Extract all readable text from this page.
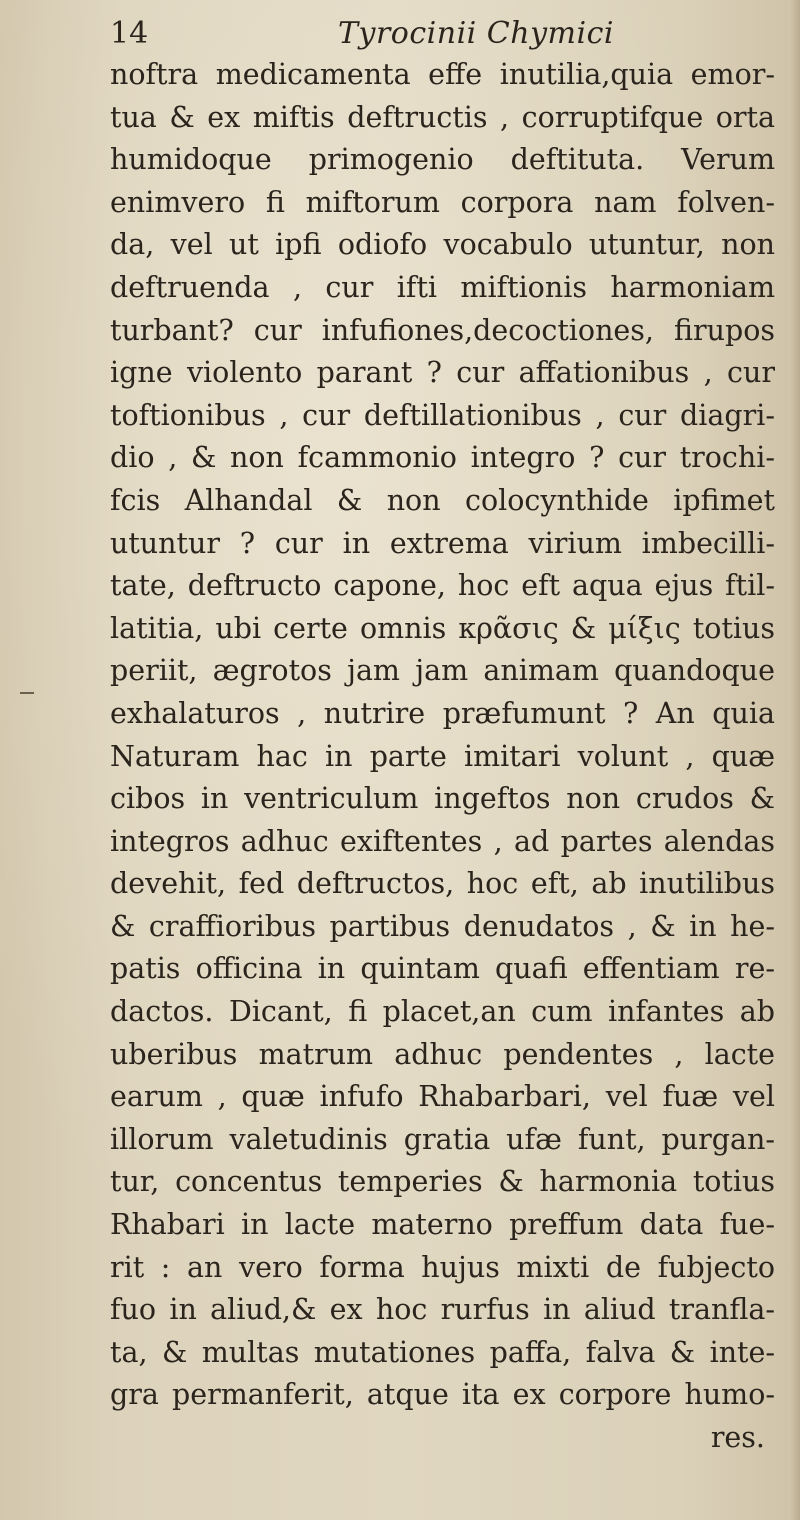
14	Tyrocinii Chymici
noftra medicamenta effe inutilia,quia emor-
tua & ex miftis deftructis , corruptifque orta
humidoque primogenio deftituta. Verum
enimvero fi miftorum corpora nam folven-
da, vel ut ipfi odiofo vocabulo utuntur, non
deftruenda , cur ifti miftionis harmoniam
turbant? cur infufiones,decoctiones, firupos
igne violento parant ? cur affationibus , cur
toftionibus , cur deftillationibus , cur diagri-
dio , & non fcammonio integro ? cur trochi-
fcis Alhandal & non colocynthide ipfimet
utuntur ? cur in extrema virium imbecilli-
tate, deftructo capone, hoc eft aqua ejus ftil-
latitia, ubi certe omnis κρᾶσις & μίξις totius
periit, ægrotos jam jam animam quandoque
exhalaturos , nutrire præfumunt ? An quia
Naturam hac in parte imitari volunt , quæ
cibos in ventriculum ingeftos non crudos &
integros adhuc exiftentes , ad partes alendas
devehit, fed deftructos, hoc eft, ab inutilibus
& craffioribus partibus denudatos , & in he-
patis officina in quintam quafi effentiam re-
dactos. Dicant, fi placet,an cum infantes ab
uberibus matrum adhuc pendentes , lacte
earum , quæ infufo Rhabarbari, vel fuæ vel
illorum valetudinis gratia ufæ funt, purgan-
tur, concentus temperies & harmonia totius
Rhabari in lacte materno preffum data fue-
rit : an vero forma hujus mixti de fubjecto
fuo in aliud,& ex hoc rurfus in aliud tranfla-
ta, & multas mutationes paffa, falva & inte-
gra permanferit, atque ita ex corpore humo-
res.
